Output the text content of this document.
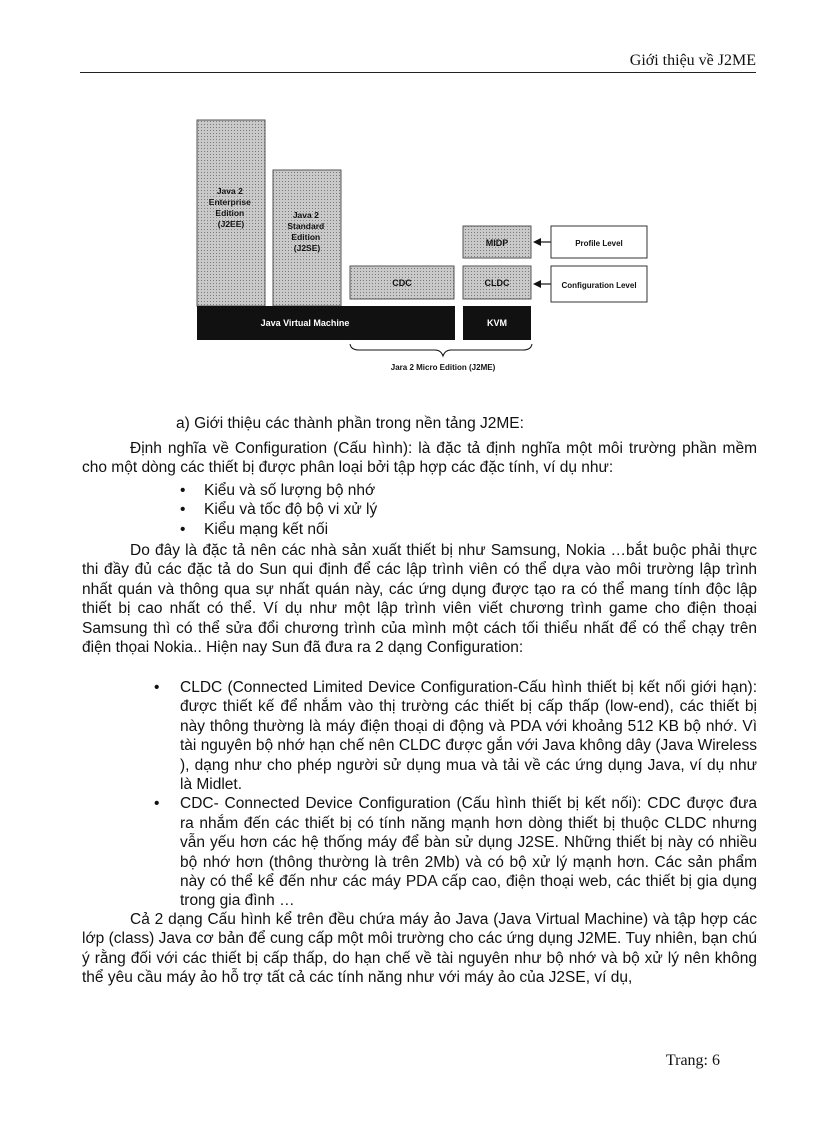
Giới thiệu về J2ME
Java 2 Enterprise Edition (J2EE)
Java 2 Standard Edition (J2SE)
CDC
MIDP
CLDC
Java Virtual Machine	KVM
Profile Level
Configuration Level
Jara 2 Micro Edition (J2ME)
a) Giới thiệu các thành phần trong nền tảng J2ME:
Định nghĩa về Configuration (Cấu hình): là đặc tả định nghĩa một môi trường phần mềm cho một dòng các thiết bị được phân loại bởi tập hợp các đặc tính, ví dụ như:
• Kiểu và số lượng bộ nhớ
• Kiểu và tốc độ bộ vi xử lý
• Kiểu mạng kết nối
Do đây là đặc tả nên các nhà sản xuất thiết bị như Samsung, Nokia …bắt buộc phải thực thi đầy đủ các đặc tả do Sun qui định để các lập trình viên có thể dựa vào môi trường lập trình nhất quán và thông qua sự nhất quán này, các ứng dụng được tạo ra có thể mang tính độc lập thiết bị cao nhất có thể. Ví dụ như một lập trình viên viết chương trình game cho điện thoại Samsung thì có thể sửa đổi chương trình của mình một cách tối thiểu nhất để có thể chạy trên điện thọai Nokia.. Hiện nay Sun đã đưa ra 2 dạng Configuration:
• CLDC (Connected Limited Device Configuration-Cấu hình thiết bị kết nối giới hạn): được thiết kế để nhắm vào thị trường các thiết bị cấp thấp (low-end), các thiết bị này thông thường là máy điện thoại di động và PDA với khoảng 512 KB bộ nhớ. Vì tài nguyên bộ nhớ hạn chế nên CLDC được gắn với Java không dây (Java Wireless ), dạng như cho phép người sử dụng mua và tải về các ứng dụng Java, ví dụ như là Midlet.
• CDC- Connected Device Configuration (Cấu hình thiết bị kết nối): CDC được đưa ra nhắm đến các thiết bị có tính năng mạnh hơn dòng thiết bị thuộc CLDC nhưng vẫn yếu hơn các hệ thống máy để bàn sử dụng J2SE. Những thiết bị này có nhiều bộ nhớ hơn (thông thường là trên 2Mb) và có bộ xử lý mạnh hơn. Các sản phẩm này có thể kể đến như các máy PDA cấp cao, điện thoại web, các thiết bị gia dụng trong gia đình …
Cả 2 dạng Cấu hình kể trên đều chứa máy ảo Java (Java Virtual Machine) và tập hợp các lớp (class) Java cơ bản để cung cấp một môi trường cho các ứng dụng J2ME. Tuy nhiên, bạn chú ý rằng đối với các thiết bị cấp thấp, do hạn chế về tài nguyên như bộ nhớ và bộ xử lý nên không thể yêu cầu máy ảo hỗ trợ tất cả các tính năng như với máy ảo của J2SE, ví dụ,
Trang: 6
